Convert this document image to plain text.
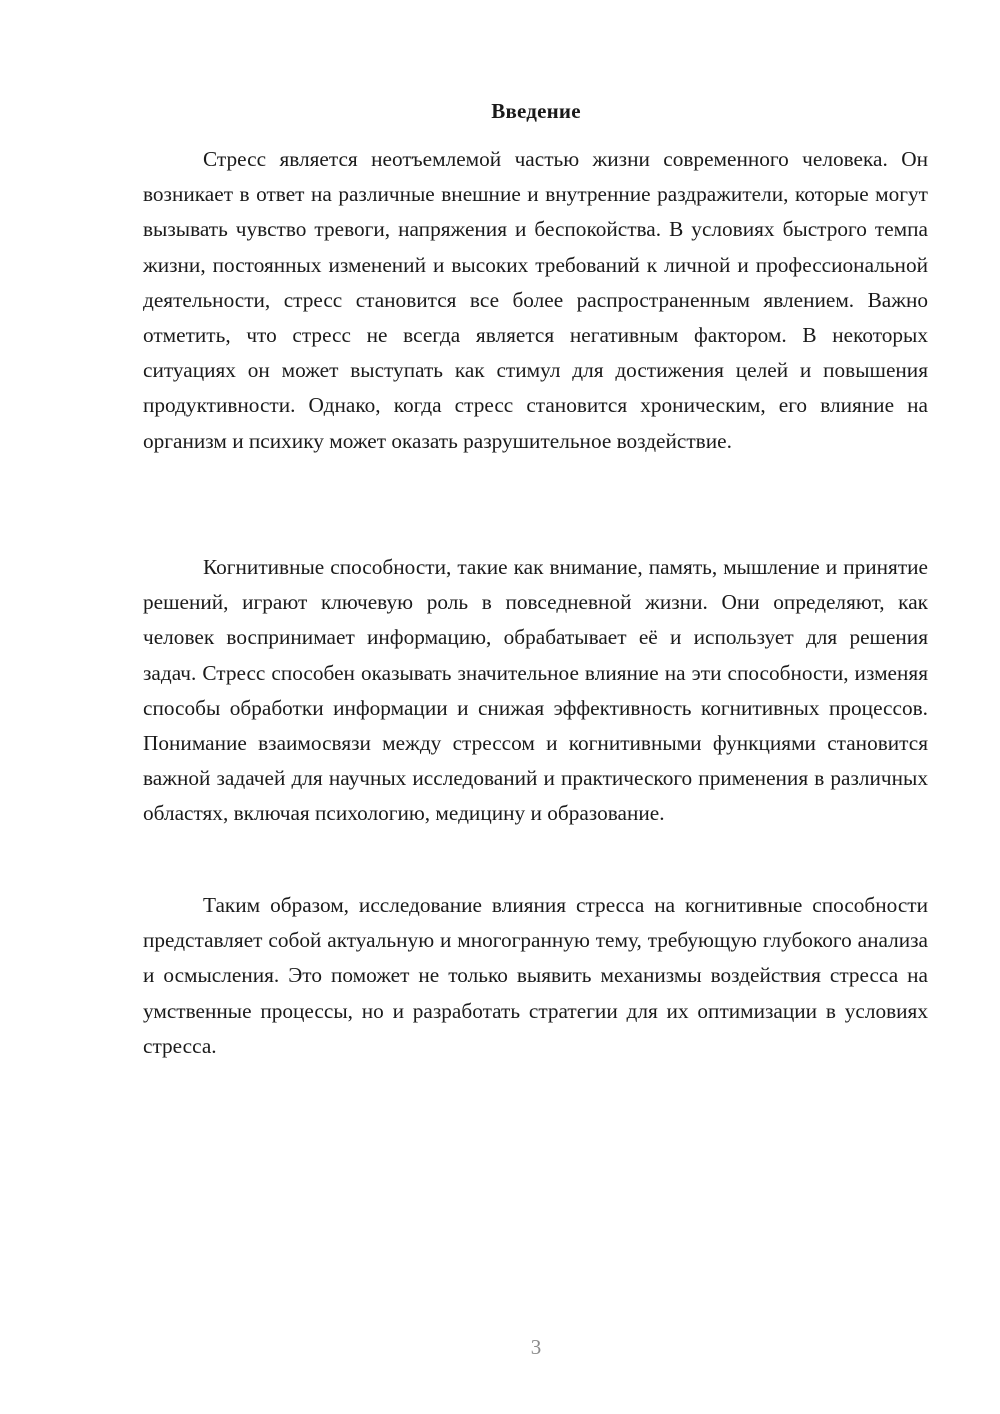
Введение

Стресс является неотъемлемой частью жизни современного человека. Он возникает в ответ на различные внешние и внутренние раздражители, которые могут вызывать чувство тревоги, напряжения и беспокойства. В условиях быстрого темпа жизни, постоянных изменений и высоких требований к личной и профессиональной деятельности, стресс становится все более распространенным явлением. Важно отметить, что стресс не всегда является негативным фактором. В некоторых ситуациях он может выступать как стимул для достижения целей и повышения продуктивности. Однако, когда стресс становится хроническим, его влияние на организм и психику может оказать разрушительное воздействие.

Когнитивные способности, такие как внимание, память, мышление и принятие решений, играют ключевую роль в повседневной жизни. Они определяют, как человек воспринимает информацию, обрабатывает её и использует для решения задач. Стресс способен оказывать значительное влияние на эти способности, изменяя способы обработки информации и снижая эффективность когнитивных процессов. Понимание взаимосвязи между стрессом и когнитивными функциями становится важной задачей для научных исследований и практического применения в различных областях, включая психологию, медицину и образование.

Таким образом, исследование влияния стресса на когнитивные способности представляет собой актуальную и многогранную тему, требующую глубокого анализа и осмысления. Это поможет не только выявить механизмы воздействия стресса на умственные процессы, но и разработать стратегии для их оптимизации в условиях стресса.

3
